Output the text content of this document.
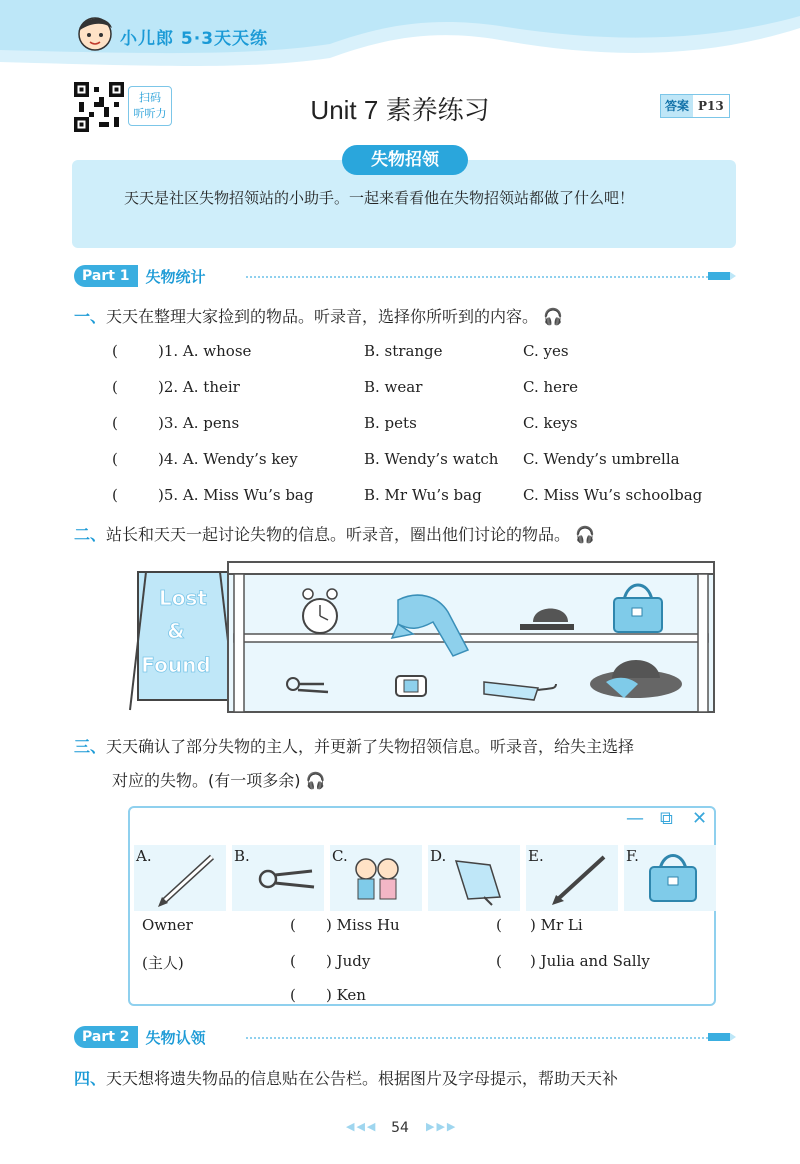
小儿郎 5·3天天练
扫码
听听力	Unit 7 素养练习	答案 P13
失物招领
天天是社区失物招领站的小助手。一起来看看他在失物招领站都做了什么吧！
Part 1	失物统计
一、天天在整理大家捡到的物品。听录音，选择你所听到的内容。 🎧
(	)1. A. whose	B. strange	C. yes
(	)2. A. their	B. wear	C. here
(	)3. A. pens	B. pets	C. keys
(	)4. A. Wendy’s key	B. Wendy’s watch C. Wendy’s umbrella
(	)5. A. Miss Wu’s bag	B. Mr Wu’s bag	C. Miss Wu’s schoolbag
二、站长和天天一起讨论失物的信息。听录音，圈出他们讨论的物品。 🎧
Lost
&
Found
三、天天确认了部分失物的主人，并更新了失物招领信息。听录音，给失主选择
对应的失物。(有一项多余) 🎧
— ⧉ ✕
A.	B.	C.	D.	E.	F.
Owner
(主人)
( ) Miss Hu
( ) Judy
( ) Ken
( ) Mr Li
( ) Julia and Sally
Part 2	失物认领
四、天天想将遗失物品的信息贴在公告栏。根据图片及字母提示，帮助天天补
◀◀◀ 54	▶▶▶
